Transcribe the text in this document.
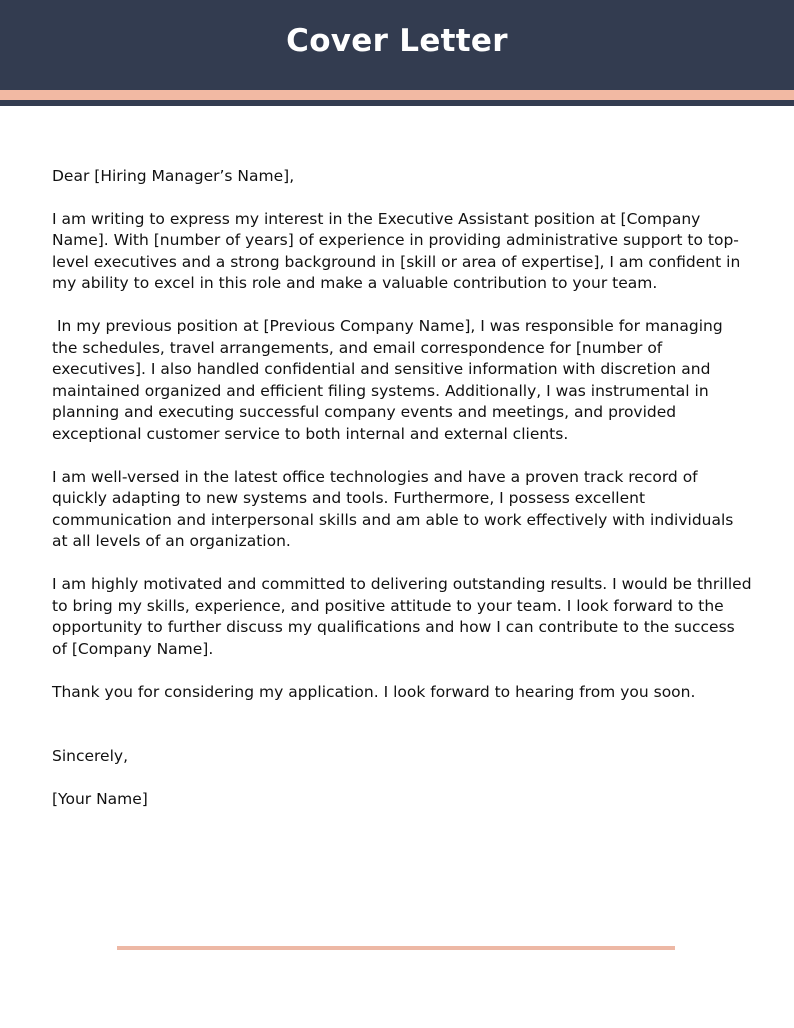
Cover Letter

Dear [Hiring Manager’s Name],

I am writing to express my interest in the Executive Assistant position at [Company Name]. With [number of years] of experience in providing administrative support to top-level executives and a strong background in [skill or area of expertise], I am confident in my ability to excel in this role and make a valuable contribution to your team.

In my previous position at [Previous Company Name], I was responsible for managing the schedules, travel arrangements, and email correspondence for [number of executives]. I also handled confidential and sensitive information with discretion and maintained organized and efficient filing systems. Additionally, I was instrumental in planning and executing successful company events and meetings, and provided exceptional customer service to both internal and external clients.

I am well-versed in the latest office technologies and have a proven track record of quickly adapting to new systems and tools. Furthermore, I possess excellent communication and interpersonal skills and am able to work effectively with individuals at all levels of an organization.

I am highly motivated and committed to delivering outstanding results. I would be thrilled to bring my skills, experience, and positive attitude to your team. I look forward to the opportunity to further discuss my qualifications and how I can contribute to the success of [Company Name].

Thank you for considering my application. I look forward to hearing from you soon.

Sincerely,

[Your Name]
